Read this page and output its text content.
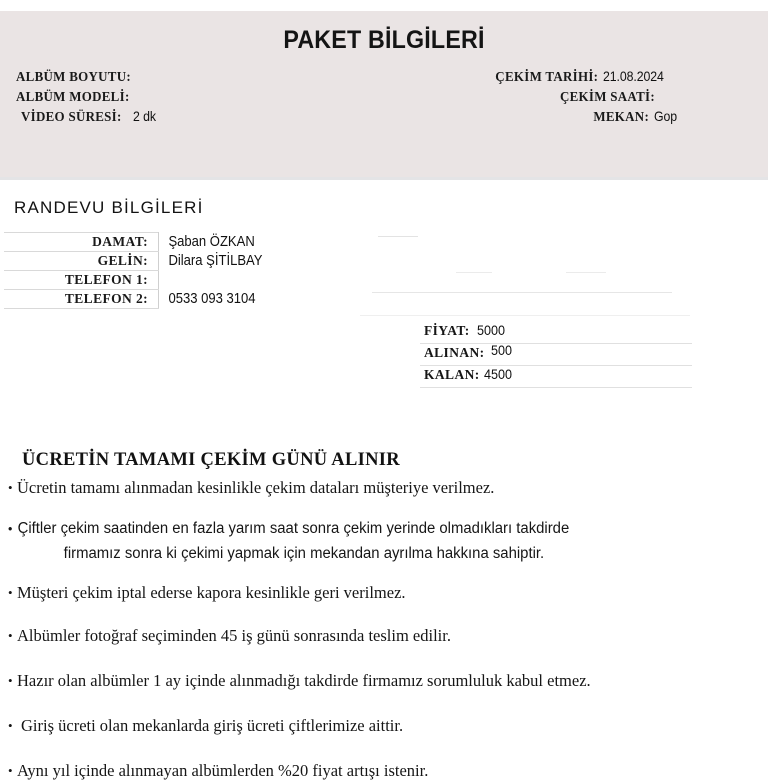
PAKET BİLGİLERİ
ALBÜM BOYUTU:
ALBÜM MODELİ:
VİDEO SÜRESİ: 2 dk
ÇEKİM TARİHİ: 21.08.2024
ÇEKİM SAATİ:
MEKAN: Gop
RANDEVU BİLGİLERİ
DAMAT:	Şaban ÖZKAN
GELİN:	Dilara ŞİTİLBAY
TELEFON 1:	
TELEFON 2:	0533 093 3104
FİYAT: 5000
ALINAN: 500
KALAN: 4500
ÜCRETİN TAMAMI ÇEKİM GÜNÜ ALINIR
• Ücretin tamamı alınmadan kesinlikle çekim dataları müşteriye verilmez.
• Çiftler çekim saatinden en fazla yarım saat sonra çekim yerinde olmadıkları takdirde
firmamız sonra ki çekimi yapmak için mekandan ayrılma hakkına sahiptir.
• Müşteri çekim iptal ederse kapora kesinlikle geri verilmez.
• Albümler fotoğraf seçiminden 45 iş günü sonrasında teslim edilir.
• Hazır olan albümler 1 ay içinde alınmadığı takdirde firmamız sorumluluk kabul etmez.
• Giriş ücreti olan mekanlarda giriş ücreti çiftlerimize aittir.
• Aynı yıl içinde alınmayan albümlerden %20 fiyat artışı istenir.
